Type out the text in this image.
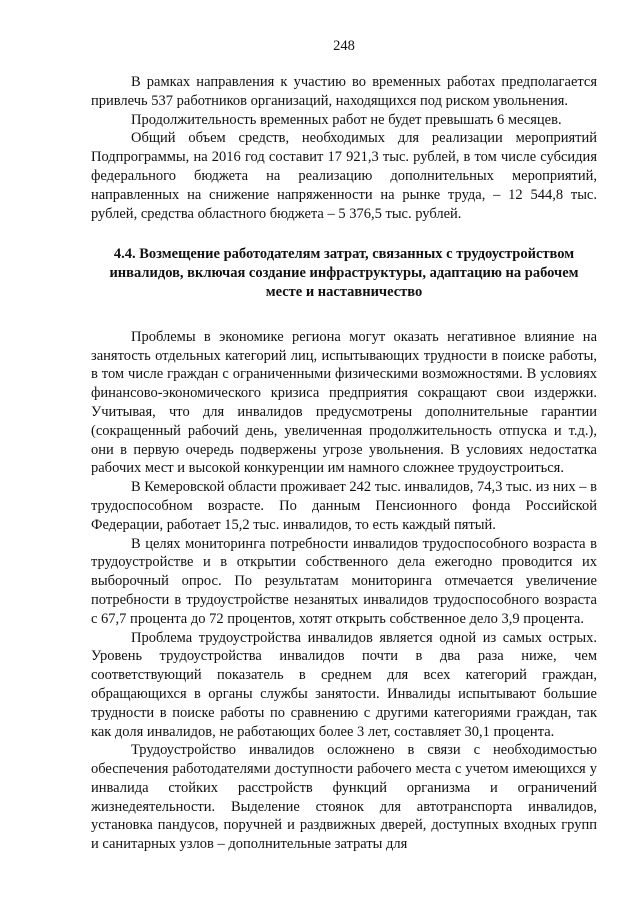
248

В рамках направления к участию во временных работах предполагается привлечь 537 работников организаций, находящихся под риском увольнения.

Продолжительность временных работ не будет превышать 6 месяцев.

Общий объем средств, необходимых для реализации мероприятий Подпрограммы, на 2016 год составит 17 921,3 тыс. рублей, в том числе субсидия федерального бюджета на реализацию дополнительных мероприятий, направленных на снижение напряженности на рынке труда, – 12 544,8 тыс. рублей, средства областного бюджета – 5 376,5 тыс. рублей.

4.4. Возмещение работодателям затрат, связанных с трудоустройством инвалидов, включая создание инфраструктуры, адаптацию на рабочем месте и наставничество

Проблемы в экономике региона могут оказать негативное влияние на занятость отдельных категорий лиц, испытывающих трудности в поиске работы, в том числе граждан с ограниченными физическими возможностями. В условиях финансово-экономического кризиса предприятия сокращают свои издержки. Учитывая, что для инвалидов предусмотрены дополнительные гарантии (сокращенный рабочий день, увеличенная продолжительность отпуска и т.д.), они в первую очередь подвержены угрозе увольнения. В условиях недостатка рабочих мест и высокой конкуренции им намного сложнее трудоустроиться.

В Кемеровской области проживает 242 тыс. инвалидов, 74,3 тыс. из них – в трудоспособном возрасте. По данным Пенсионного фонда Российской Федерации, работает 15,2 тыс. инвалидов, то есть каждый пятый.

В целях мониторинга потребности инвалидов трудоспособного возраста в трудоустройстве и в открытии собственного дела ежегодно проводится их выборочный опрос. По результатам мониторинга отмечается увеличение потребности в трудоустройстве незанятых инвалидов трудоспособного возраста с 67,7 процента до 72 процентов, хотят открыть собственное дело 3,9 процента.

Проблема трудоустройства инвалидов является одной из самых острых. Уровень трудоустройства инвалидов почти в два раза ниже, чем соответствующий показатель в среднем для всех категорий граждан, обращающихся в органы службы занятости. Инвалиды испытывают большие трудности в поиске работы по сравнению с другими категориями граждан, так как доля инвалидов, не работающих более 3 лет, составляет 30,1 процента.

Трудоустройство инвалидов осложнено в связи с необходимостью обеспечения работодателями доступности рабочего места с учетом имеющихся у инвалида стойких расстройств функций организма и ограничений жизнедеятельности. Выделение стоянок для автотранспорта инвалидов, установка пандусов, поручней и раздвижных дверей, доступных входных групп и санитарных узлов – дополнительные затраты для
